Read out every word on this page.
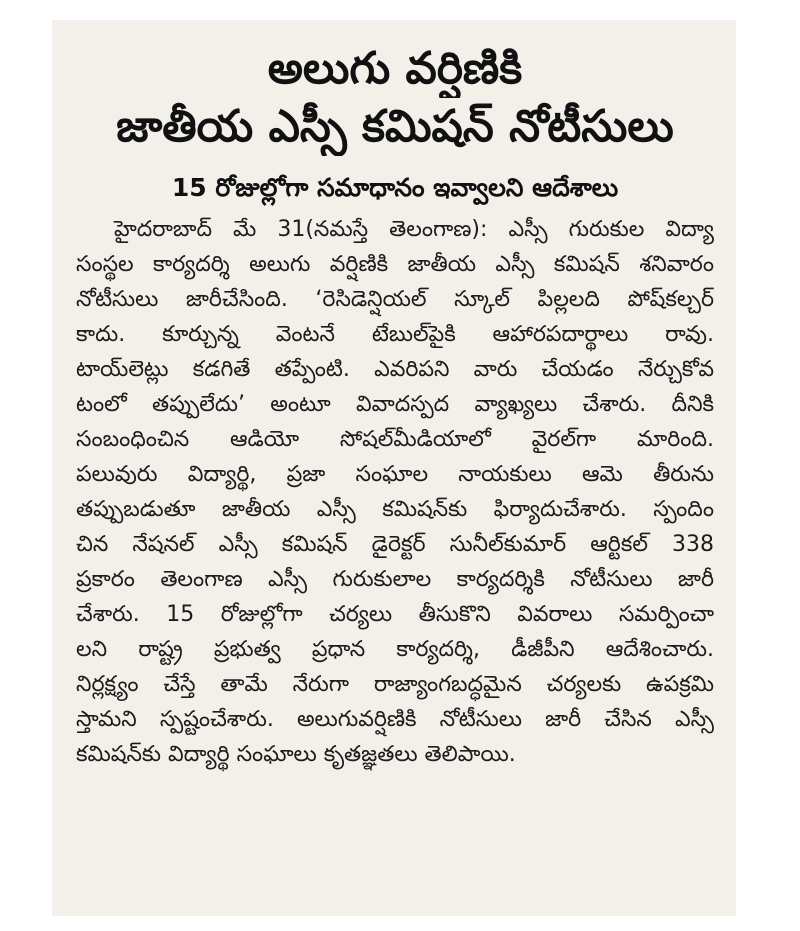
అలుగు వర్షిణికి
జాతీయ ఎస్సీ కమిషన్ నోటీసులు
15 రోజుల్లోగా సమాధానం ఇవ్వాలని ఆదేశాలు
హైదరాబాద్ మే 31(నమస్తే తెలంగాణ): ఎస్సీ గురుకుల విద్యా
సంస్థల కార్యదర్శి అలుగు వర్షిణికి జాతీయ ఎస్సీ కమిషన్ శనివారం
నోటీసులు జారీచేసింది. ‘రెసిడెన్షియల్ స్కూల్ పిల్లలది పోష్‌కల్చర్
కాదు. కూర్చున్న వెంటనే టేబుల్‌పైకి ఆహారపదార్థాలు రావు.
టాయ్‌లెట్లు కడగితే తప్పేంటి. ఎవరిపని వారు చేయడం నేర్చుకోవ
టంలో తప్పులేదు’ అంటూ వివాదస్పద వ్యాఖ్యలు చేశారు. దీనికి
సంబంధించిన ఆడియో సోషల్‌మీడియాలో వైరల్‌గా మారింది.
పలువురు విద్యార్థి, ప్రజా సంఘాల నాయకులు ఆమె తీరును
తప్పుబడుతూ జాతీయ ఎస్సీ కమిషన్‌కు ఫిర్యాదుచేశారు. స్పందిం
చిన నేషనల్ ఎస్సీ కమిషన్ డైరెక్టర్ సునీల్‌కుమార్ ఆర్టికల్ 338
ప్రకారం తెలంగాణ ఎస్సీ గురుకులాల కార్యదర్శికి నోటీసులు జారీ
చేశారు. 15 రోజుల్లోగా చర్యలు తీసుకొని వివరాలు సమర్పించా
లని రాష్ట్ర ప్రభుత్వ ప్రధాన కార్యదర్శి, డీజీపీని ఆదేశించారు.
నిర్లక్ష్యం చేస్తే తామే నేరుగా రాజ్యాంగబద్ధమైన చర్యలకు ఉపక్రమి
స్తామని స్పష్టంచేశారు. అలుగువర్షిణికి నోటీసులు జారీ చేసిన ఎస్సీ
కమిషన్‌కు విద్యార్థి సంఘాలు కృతజ్ఞతలు తెలిపాయి.
